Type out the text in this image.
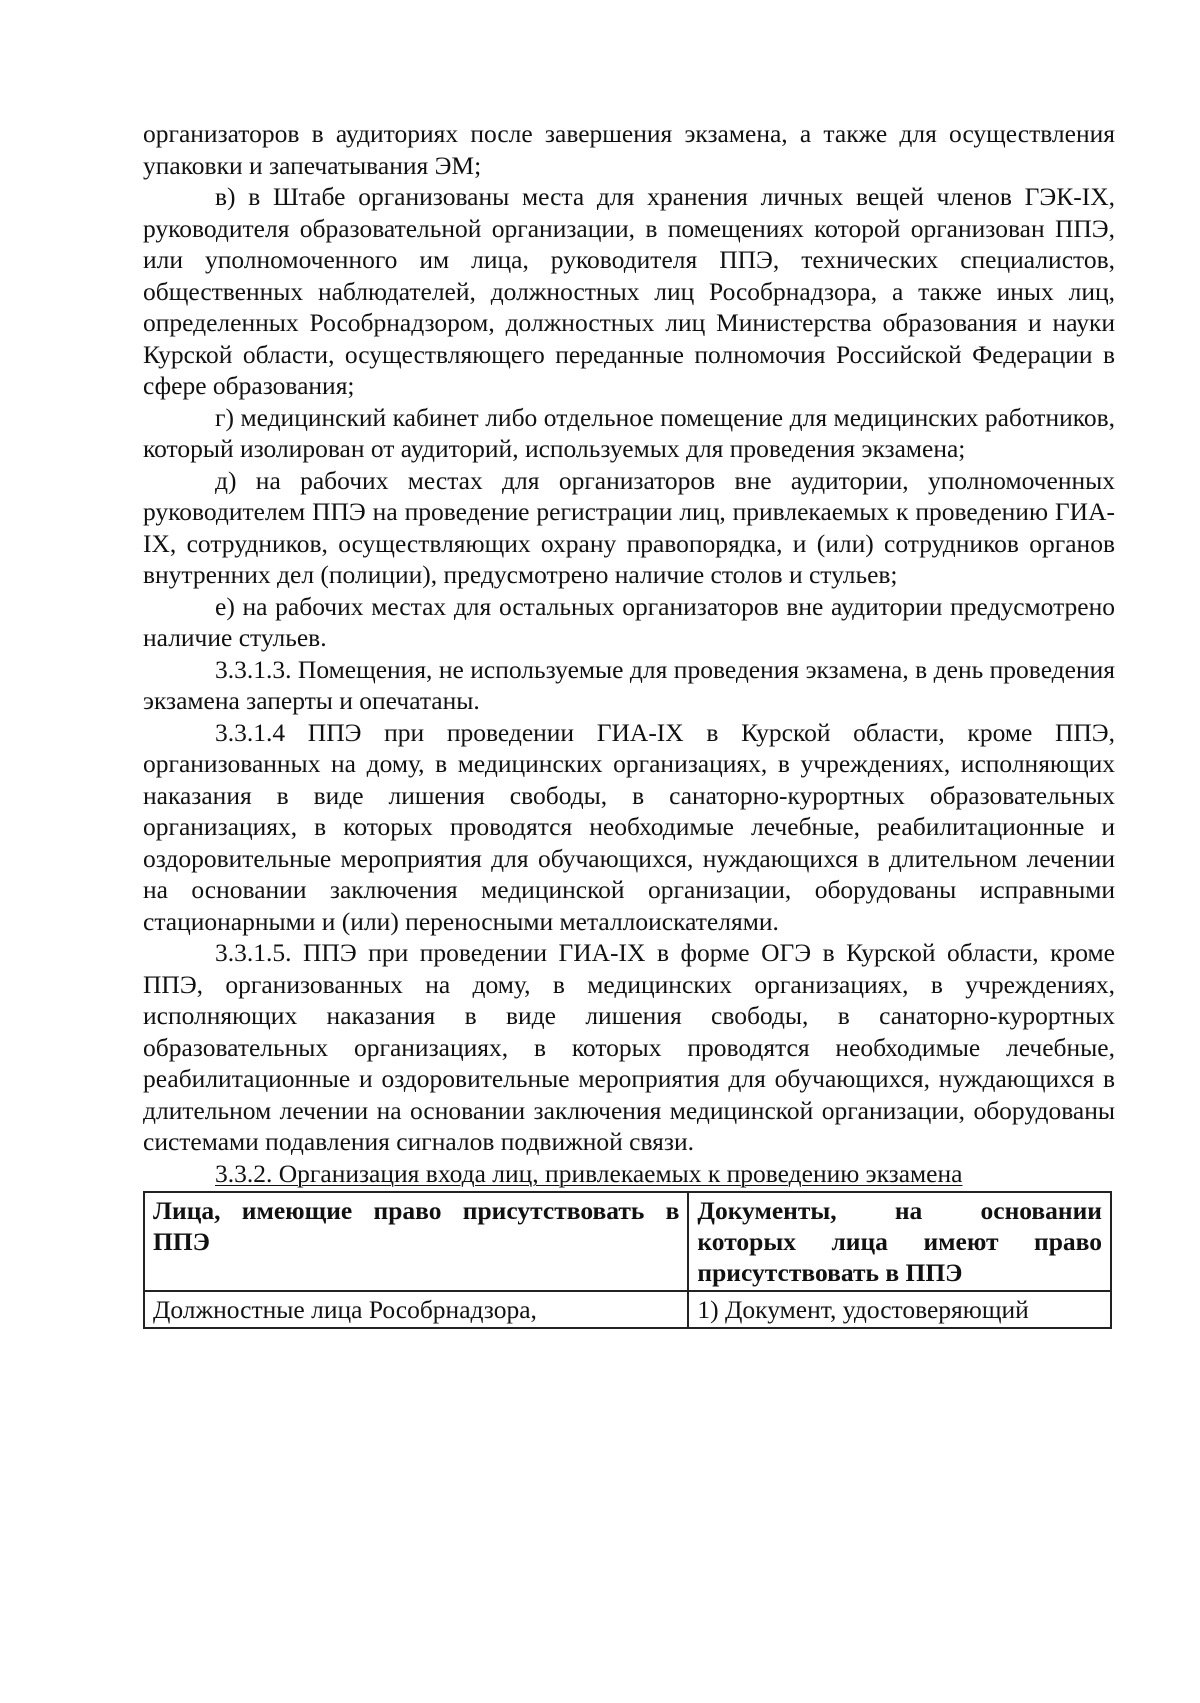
организаторов в аудиториях после завершения экзамена, а также для осуществления упаковки и запечатывания ЭМ;

в) в Штабе организованы места для хранения личных вещей членов ГЭК-IX, руководителя образовательной организации, в помещениях которой организован ППЭ, или уполномоченного им лица, руководителя ППЭ, технических специалистов, общественных наблюдателей, должностных лиц Рособрнадзора, а также иных лиц, определенных Рособрнадзором, должностных лиц Министерства образования и науки Курской области, осуществляющего переданные полномочия Российской Федерации в сфере образования;

г) медицинский кабинет либо отдельное помещение для медицинских работников, который изолирован от аудиторий, используемых для проведения экзамена;

д) на рабочих местах для организаторов вне аудитории, уполномоченных руководителем ППЭ на проведение регистрации лиц, привлекаемых к проведению ГИА-IX, сотрудников, осуществляющих охрану правопорядка, и (или) сотрудников органов внутренних дел (полиции), предусмотрено наличие столов и стульев;

е) на рабочих местах для остальных организаторов вне аудитории предусмотрено наличие стульев.

3.3.1.3. Помещения, не используемые для проведения экзамена, в день проведения экзамена заперты и опечатаны.

3.3.1.4 ППЭ при проведении ГИА-IX в Курской области, кроме ППЭ, организованных на дому, в медицинских организациях, в учреждениях, исполняющих наказания в виде лишения свободы, в санаторно-курортных образовательных организациях, в которых проводятся необходимые лечебные, реабилитационные и оздоровительные мероприятия для обучающихся, нуждающихся в длительном лечении на основании заключения медицинской организации, оборудованы исправными стационарными и (или) переносными металлоискателями.

3.3.1.5. ППЭ при проведении ГИА-IX в форме ОГЭ в Курской области, кроме ППЭ, организованных на дому, в медицинских организациях, в учреждениях, исполняющих наказания в виде лишения свободы, в санаторно-курортных образовательных организациях, в которых проводятся необходимые лечебные, реабилитационные и оздоровительные мероприятия для обучающихся, нуждающихся в длительном лечении на основании заключения медицинской организации, оборудованы системами подавления сигналов подвижной связи.

3.3.2. Организация входа лиц, привлекаемых к проведению экзамена

Лица, имеющие право присутствовать в ППЭ	Документы, на основании которых лица имеют право присутствовать в ППЭ
Должностные лица Рособрнадзора,	1) Документ, удостоверяющий
